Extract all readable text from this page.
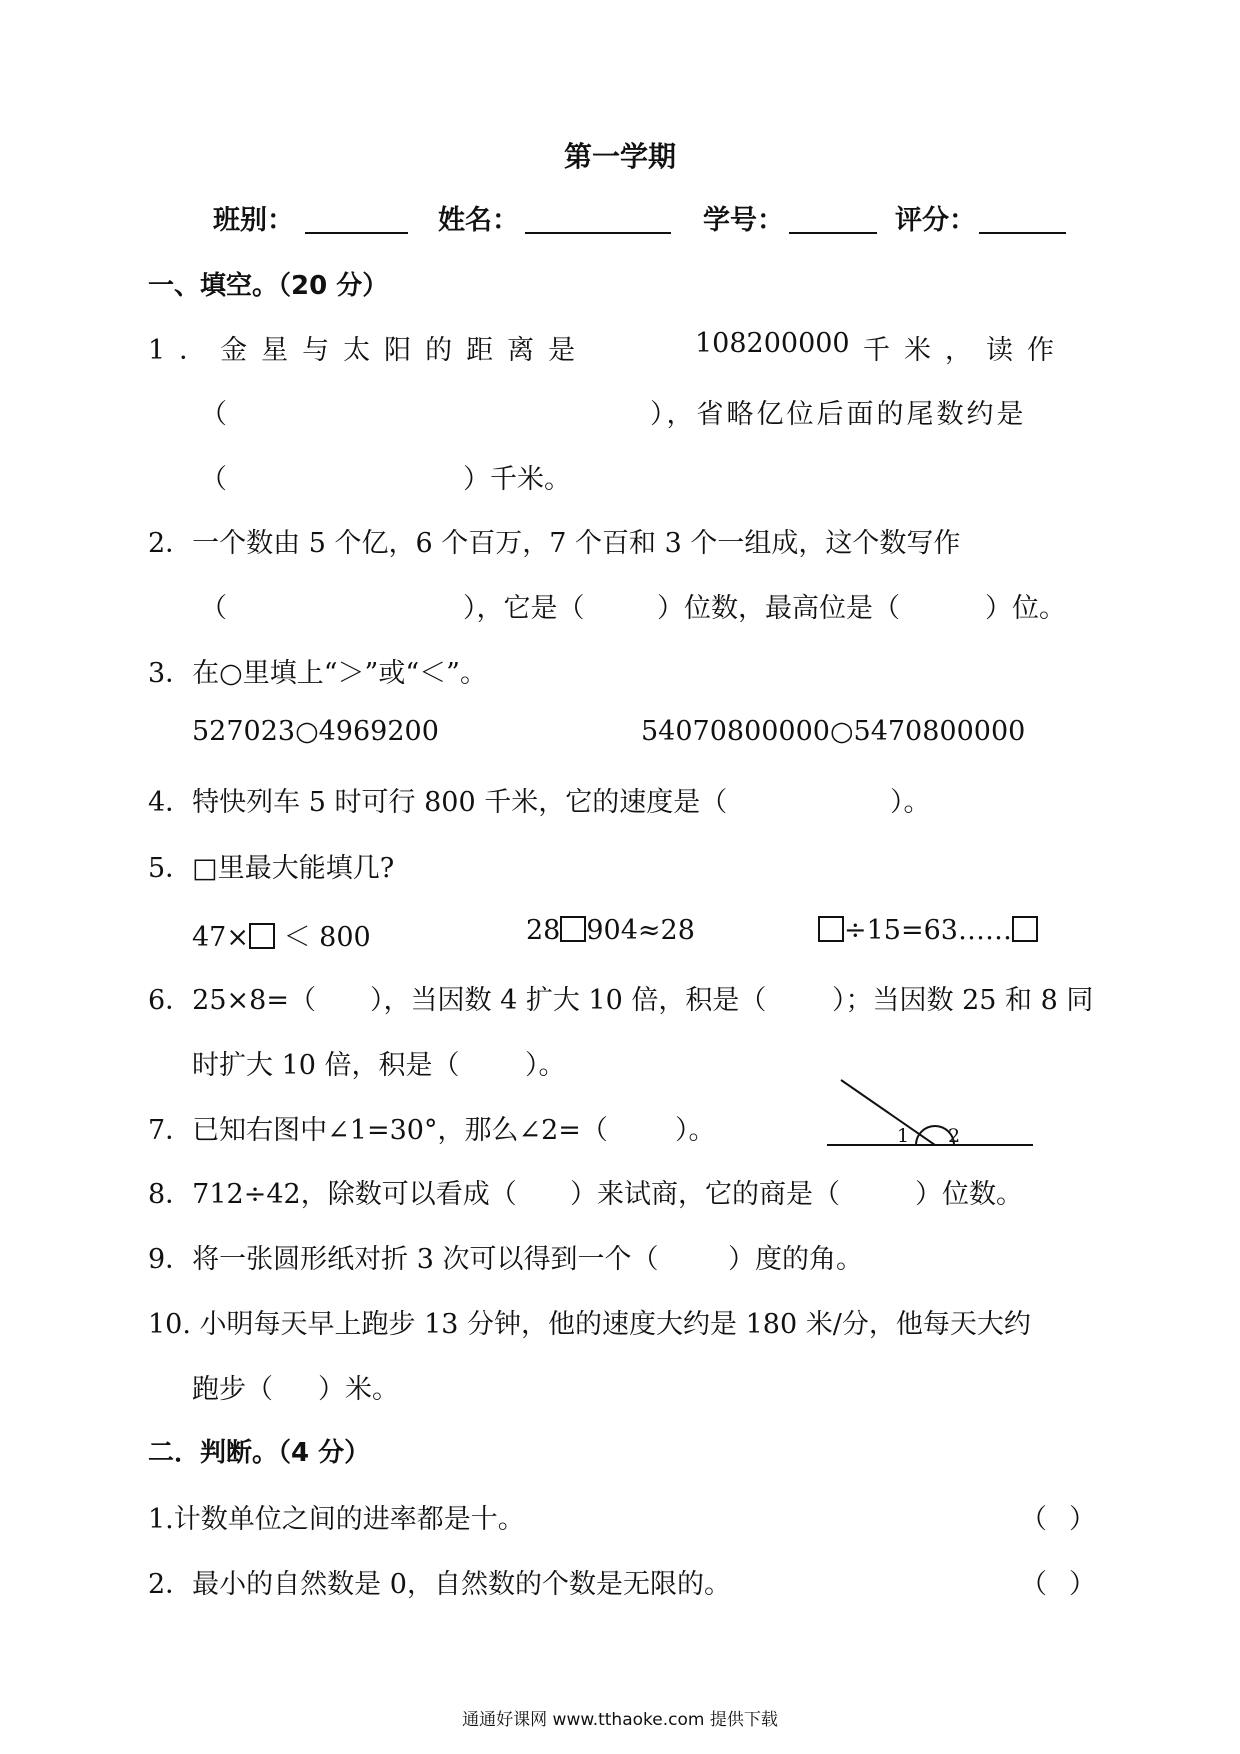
第一学期
班别：	姓名：	学号：	评分：
一、填空。（20 分）
1．金星与太阳的距离是	108200000 千米，读作
（	），省略亿位后面的尾数约是
（	）千米。
2．一个数由 5 个亿，6 个百万，7 个百和 3 个一组成，这个数写作
（	），它是（	）位数，最高位是（	）位。
3．在○里填上“＞”或“＜”。
527023○4969200	54070800000○5470800000
4．特快列车 5 时可行 800 千米，它的速度是（	）。
5．□里最大能填几?
47× ＜ 800	28 904≈28	÷15=63……
6．25×8=（ ），当因数 4 扩大 10 倍，积是（ ）；当因数 25 和 8 同
时扩大 10 倍，积是（ ）。
7．已知右图中∠1=30°，那么∠2=（ ）。	1 2
8．712÷42，除数可以看成（ ）来试商，它的商是（	）位数。
9．将一张圆形纸对折 3 次可以得到一个（	）度的角。
10. 小明每天早上跑步 13 分钟，他的速度大约是 180 米/分，他每天大约
跑步（ ）米。
二．判断。（4 分）
1.计数单位之间的进率都是十。	（ ）
2．最小的自然数是 0，自然数的个数是无限的。	（ ）
通通好课网 www.tthaoke.com 提供下载
